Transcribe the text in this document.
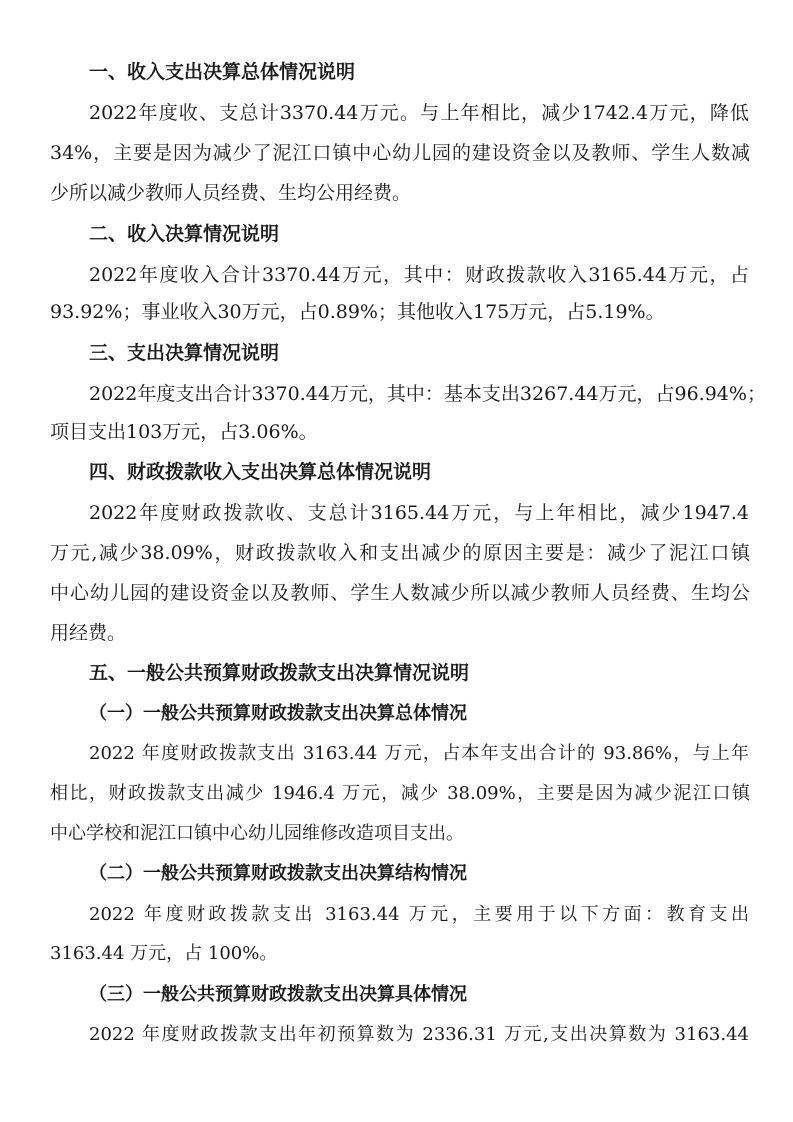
一、收入支出决算总体情况说明
2022年度收、支总计3370.44万元。与上年相比，减少1742.4万元，降低
34%，主要是因为减少了泥江口镇中心幼儿园的建设资金以及教师、学生人数减
少所以减少教师人员经费、生均公用经费。
二、收入决算情况说明
2022年度收入合计3370.44万元，其中：财政拨款收入3165.44万元，占
93.92%；事业收入30万元，占0.89%；其他收入175万元，占5.19%。
三、支出决算情况说明
2022年度支出合计3370.44万元，其中：基本支出3267.44万元，占96.94%；
项目支出103万元，占3.06%。
四、财政拨款收入支出决算总体情况说明
2022年度财政拨款收、支总计3165.44万元，与上年相比，减少1947.4
万元,减少38.09%，财政拨款收入和支出减少的原因主要是：减少了泥江口镇
中心幼儿园的建设资金以及教师、学生人数减少所以减少教师人员经费、生均公
用经费。
五、一般公共预算财政拨款支出决算情况说明
（一）一般公共预算财政拨款支出决算总体情况
2022 年度财政拨款支出 3163.44 万元，占本年支出合计的 93.86%，与上年
相比，财政拨款支出减少 1946.4 万元，减少 38.09%，主要是因为减少泥江口镇
中心学校和泥江口镇中心幼儿园维修改造项目支出。
（二）一般公共预算财政拨款支出决算结构情况
2022 年度财政拨款支出 3163.44 万元，主要用于以下方面：教育支出
3163.44 万元，占 100%。
（三）一般公共预算财政拨款支出决算具体情况
2022 年度财政拨款支出年初预算数为 2336.31 万元,支出决算数为 3163.44
